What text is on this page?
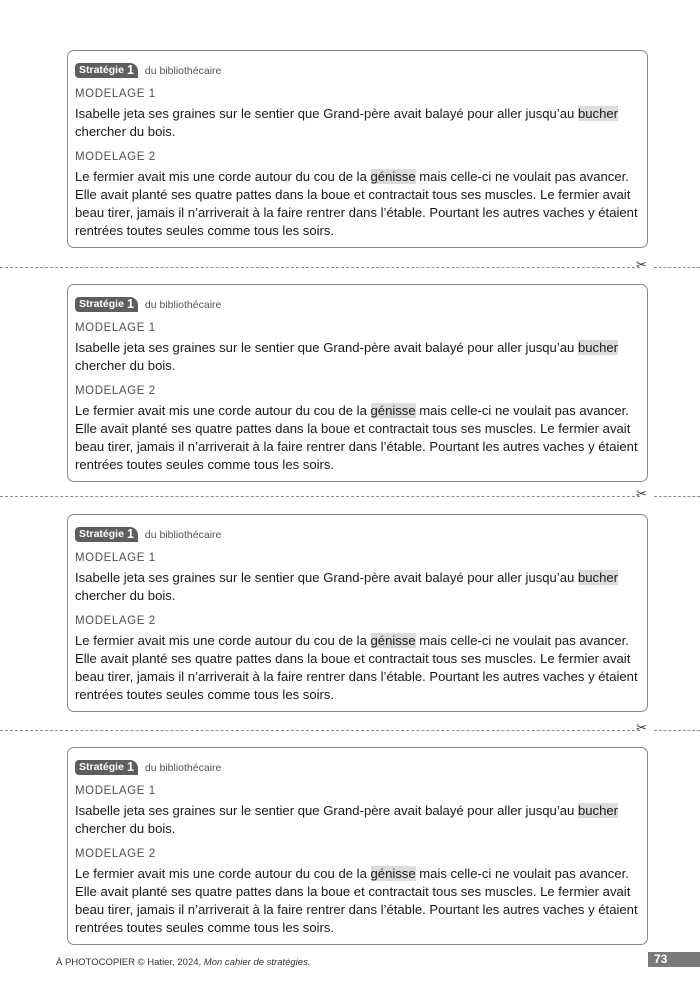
Stratégie 1 du bibliothécaire
MODELAGE 1

Isabelle jeta ses graines sur le sentier que Grand-père avait balayé pour aller jusqu’au bucher chercher du bois.

MODELAGE 2

Le fermier avait mis une corde autour du cou de la génisse mais celle-ci ne voulait pas avancer. Elle avait planté ses quatre pattes dans la boue et contractait tous ses muscles. Le fermier avait beau tirer, jamais il n’arriverait à la faire rentrer dans l’étable. Pourtant les autres vaches y étaient rentrées toutes seules comme tous les soirs.

✂
Stratégie 1 du bibliothécaire
MODELAGE 1

Isabelle jeta ses graines sur le sentier que Grand-père avait balayé pour aller jusqu’au bucher chercher du bois.

MODELAGE 2

Le fermier avait mis une corde autour du cou de la génisse mais celle-ci ne voulait pas avancer. Elle avait planté ses quatre pattes dans la boue et contractait tous ses muscles. Le fermier avait beau tirer, jamais il n’arriverait à la faire rentrer dans l’étable. Pourtant les autres vaches y étaient rentrées toutes seules comme tous les soirs.

✂
Stratégie 1 du bibliothécaire
MODELAGE 1

Isabelle jeta ses graines sur le sentier que Grand-père avait balayé pour aller jusqu’au bucher chercher du bois.

MODELAGE 2

Le fermier avait mis une corde autour du cou de la génisse mais celle-ci ne voulait pas avancer. Elle avait planté ses quatre pattes dans la boue et contractait tous ses muscles. Le fermier avait beau tirer, jamais il n’arriverait à la faire rentrer dans l’étable. Pourtant les autres vaches y étaient rentrées toutes seules comme tous les soirs.

✂
Stratégie 1 du bibliothécaire
MODELAGE 1

Isabelle jeta ses graines sur le sentier que Grand-père avait balayé pour aller jusqu’au bucher chercher du bois.

MODELAGE 2

Le fermier avait mis une corde autour du cou de la génisse mais celle-ci ne voulait pas avancer. Elle avait planté ses quatre pattes dans la boue et contractait tous ses muscles. Le fermier avait beau tirer, jamais il n’arriverait à la faire rentrer dans l’étable. Pourtant les autres vaches y étaient rentrées toutes seules comme tous les soirs.

À PHOTOCOPIER © Hatier, 2024, Mon cahier de stratégies.	73
